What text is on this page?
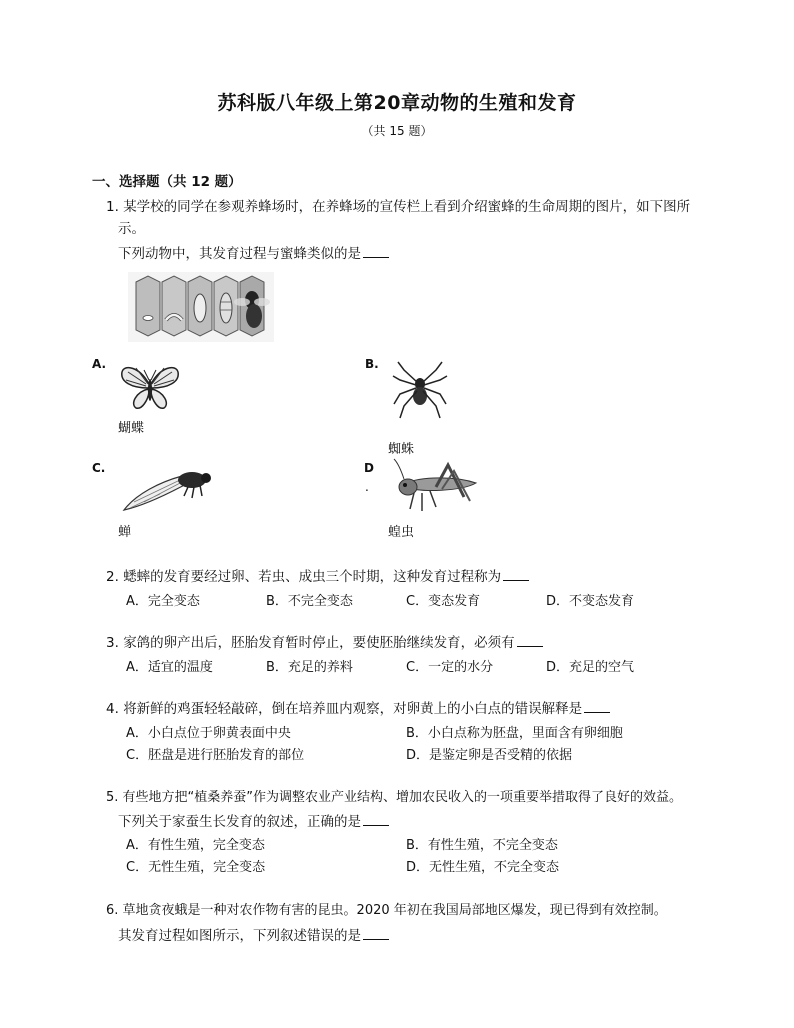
苏科版八年级上第20章动物的生殖和发育
（共 15 题）
一、选择题（共 12 题）
1. 某学校的同学在参观养蜂场时，在养蜂场的宣传栏上看到介绍蜜蜂的生命周期的图片，如下图所
示。
下列动物中，其发育过程与蜜蜂类似的是
A.
蝴蝶
B.
蜘蛛
C.
蝉
D
.
蝗虫
2. 蟋蟀的发育要经过卵、若虫、成虫三个时期，这种发育过程称为
A．完全变态	B．不完全变态	C．变态发育	D．不变态发育
3. 家鸽的卵产出后，胚胎发育暂时停止，要使胚胎继续发育，必须有
A．适宜的温度	B．充足的养料	C．一定的水分	D．充足的空气
4. 将新鲜的鸡蛋轻轻敲碎，倒在培养皿内观察，对卵黄上的小白点的错误解释是
A．小白点位于卵黄表面中央	B．小白点称为胚盘，里面含有卵细胞
C．胚盘是进行胚胎发育的部位	D．是鉴定卵是否受精的依据
5. 有些地方把“植桑养蚕”作为调整农业产业结构、增加农民收入的一项重要举措取得了良好的效益。
下列关于家蚕生长发育的叙述，正确的是
A．有性生殖，完全变态	B．有性生殖，不完全变态
C．无性生殖，完全变态	D．无性生殖，不完全变态
6. 草地贪夜蛾是一种对农作物有害的昆虫。2020 年初在我国局部地区爆发，现已得到有效控制。
其发育过程如图所示，下列叙述错误的是
